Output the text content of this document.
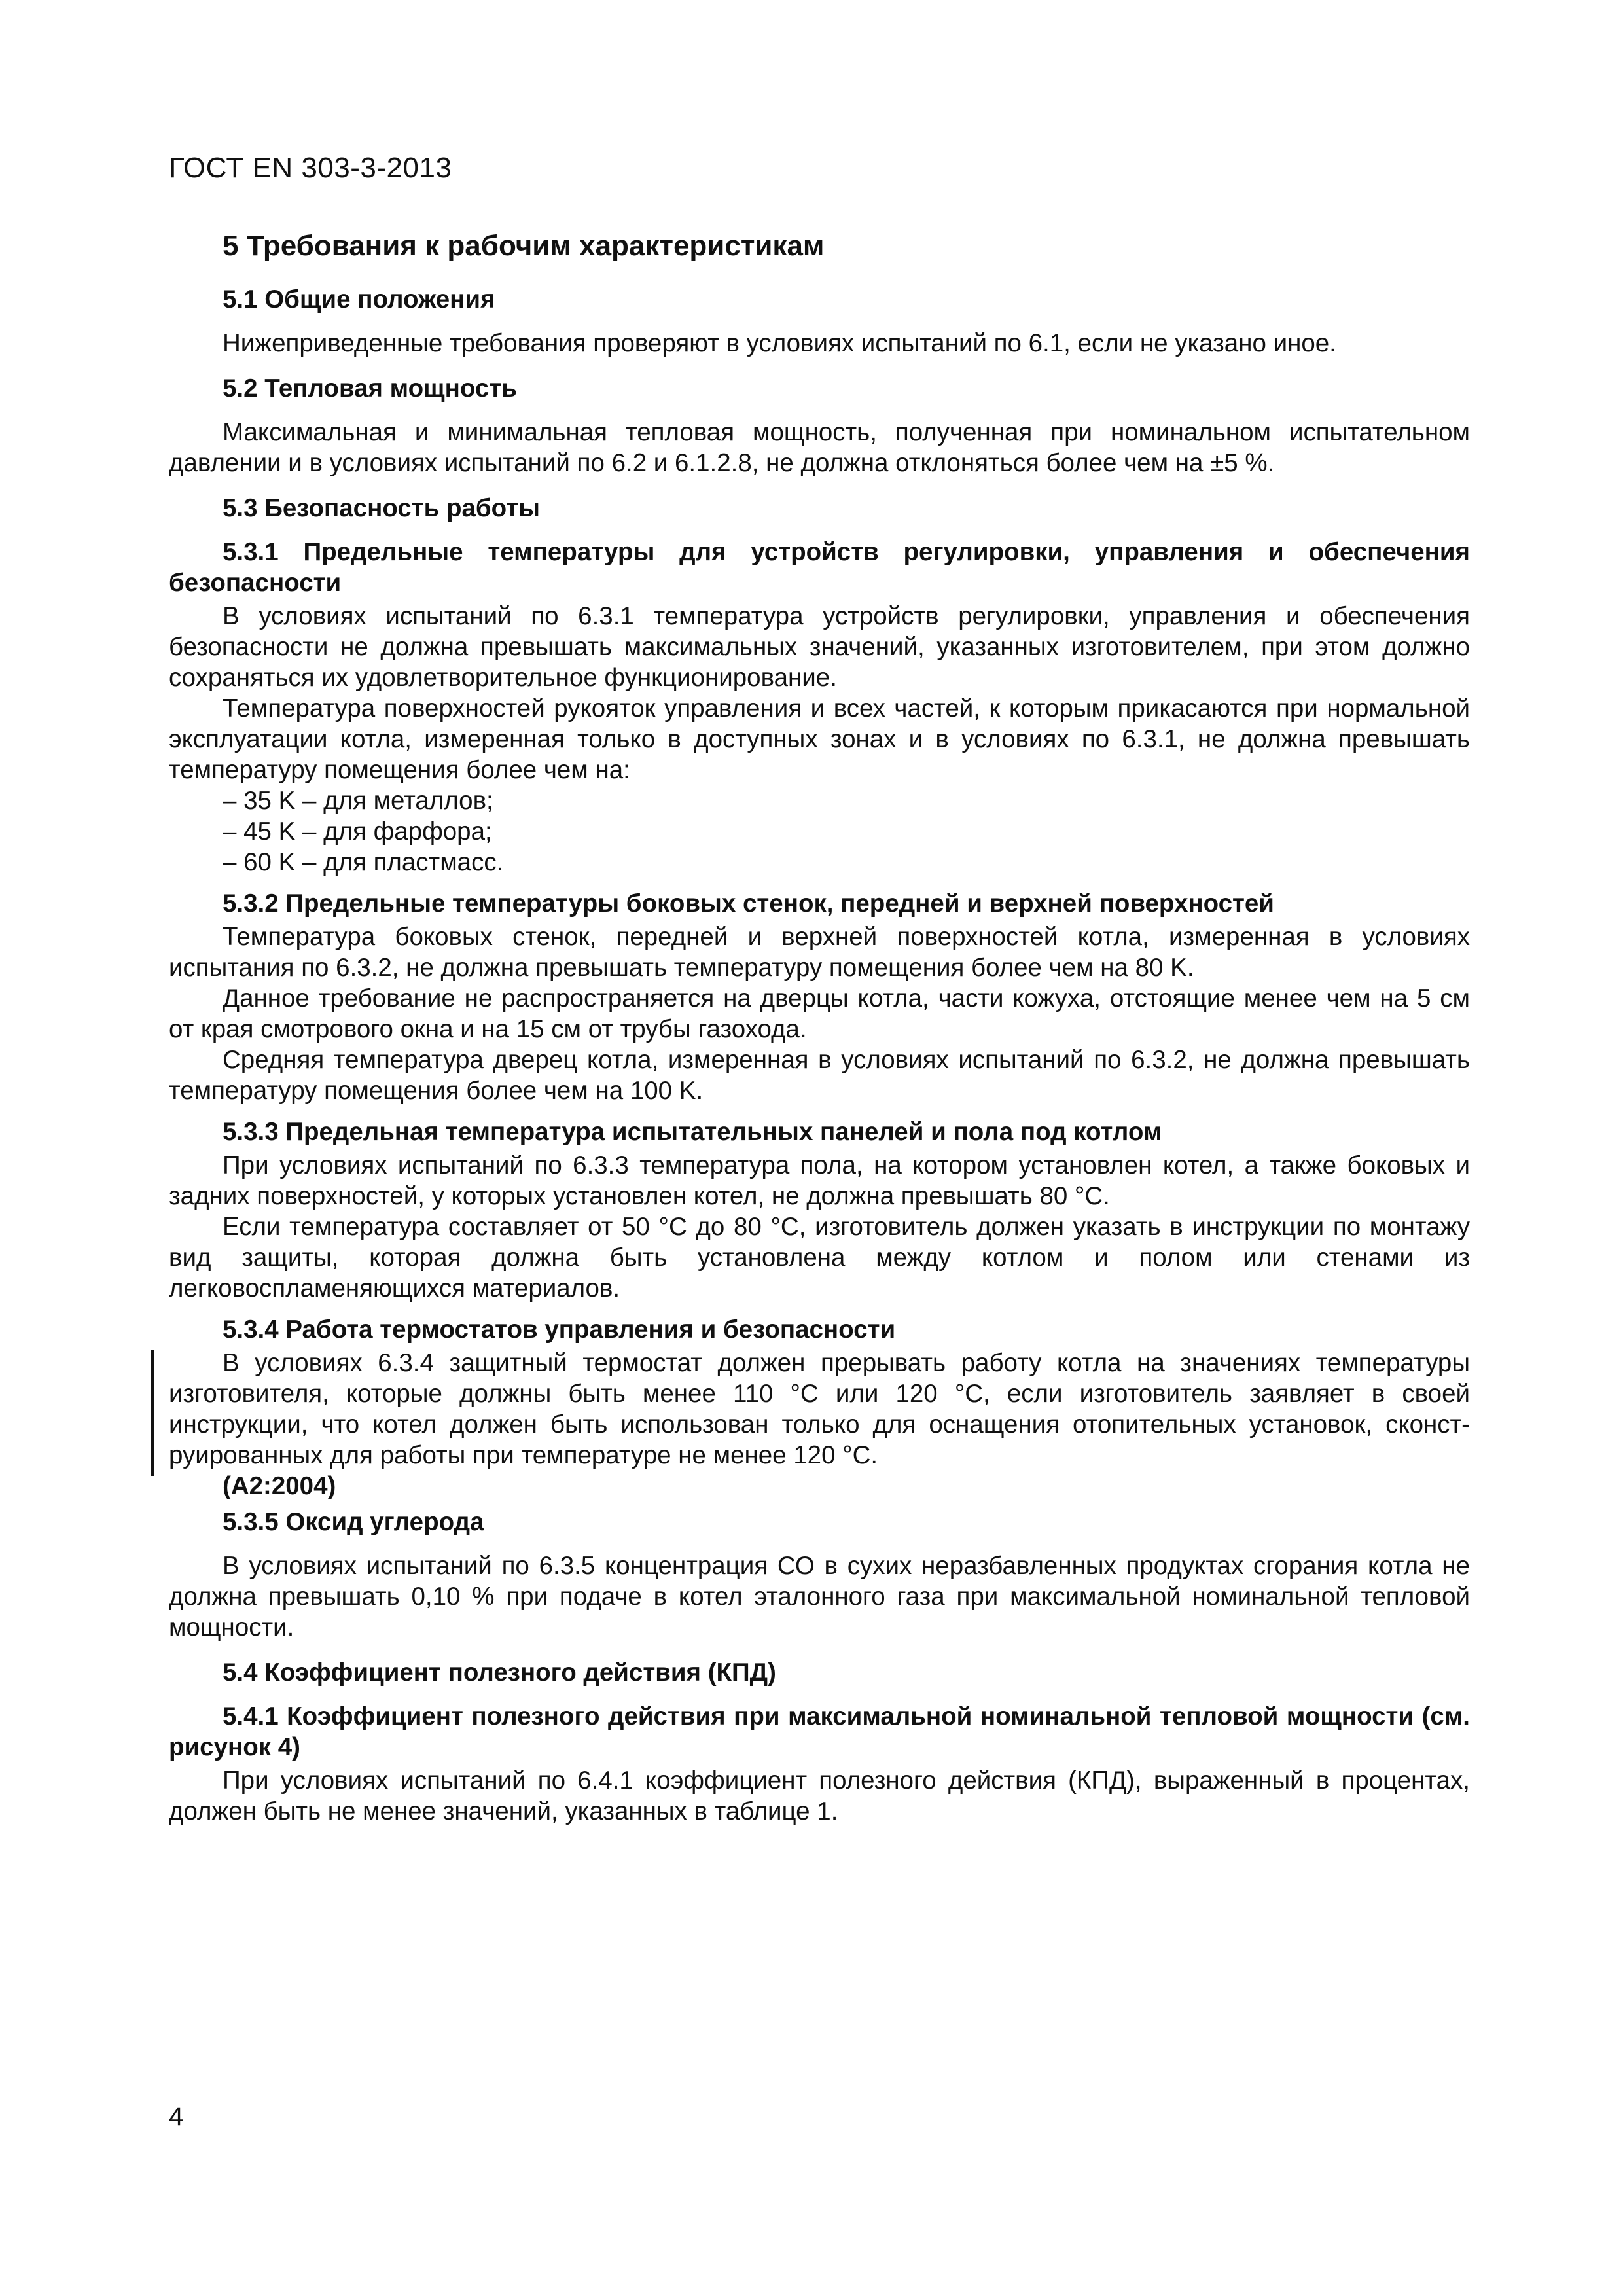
ГОСТ EN 303-3-2013
5 Требования к рабочим характеристикам
5.1 Общие положения

Нижеприведенные требования проверяют в условиях испытаний по 6.1, если не указано иное.

5.2 Тепловая мощность

Максимальная и минимальная тепловая мощность, полученная при номинальном испытательном давлении и в условиях испытаний по 6.2 и 6.1.2.8, не должна отклоняться более чем на ±5 %.

5.3 Безопасность работы

5.3.1 Предельные температуры для устройств регулировки, управления и обеспечения безопасности

В условиях испытаний по 6.3.1 температура устройств регулировки, управления и обеспечения безопасности не должна превышать максимальных значений, указанных изготовителем, при этом должно сохраняться их удовлетворительное функционирование.

Температура поверхностей рукояток управления и всех частей, к которым прикасаются при нормальной эксплуатации котла, измеренная только в доступных зонах и в условиях по 6.3.1, не должна превышать температуру помещения более чем на:

– 35 K – для металлов;

– 45 K – для фарфора;

– 60 K – для пластмасс.

5.3.2 Предельные температуры боковых стенок, передней и верхней поверхностей

Температура боковых стенок, передней и верхней поверхностей котла, измеренная в условиях испытания по 6.3.2, не должна превышать температуру помещения более чем на 80 K.

Данное требование не распространяется на дверцы котла, части кожуха, отстоящие менее чем на 5 см от края смотрового окна и на 15 см от трубы газохода.

Средняя температура дверец котла, измеренная в условиях испытаний по 6.3.2, не должна превышать температуру помещения более чем на 100 K.

5.3.3 Предельная температура испытательных панелей и пола под котлом

При условиях испытаний по 6.3.3 температура пола, на котором установлен котел, а также боковых и задних поверхностей, у которых установлен котел, не должна превышать 80 °С.

Если температура составляет от 50 °С до 80 °С, изготовитель должен указать в инструкции по монтажу вид защиты, которая должна быть установлена между котлом и полом или стенами из легковоспламеняющихся материалов.

5.3.4 Работа термостатов управления и безопасности

В условиях 6.3.4 защитный термостат должен прерывать работу котла на значениях температуры изготовителя, которые должны быть менее 110 °С или 120 °С, если изготовитель заявляет в своей инструкции, что котел должен быть использован только для оснащения отопительных установок, сконструированных для работы при температуре не менее 120 °С.

(А2:2004)

5.3.5 Оксид углерода

В условиях испытаний по 6.3.5 концентрация СО в сухих неразбавленных продуктах сгорания котла не должна превышать 0,10 % при подаче в котел эталонного газа при максимальной номинальной тепловой мощности.

5.4 Коэффициент полезного действия (КПД)

5.4.1 Коэффициент полезного действия при максимальной номинальной тепловой мощности (см. рисунок 4)

При условиях испытаний по 6.4.1 коэффициент полезного действия (КПД), выраженный в процентах, должен быть не менее значений, указанных в таблице 1.

4
